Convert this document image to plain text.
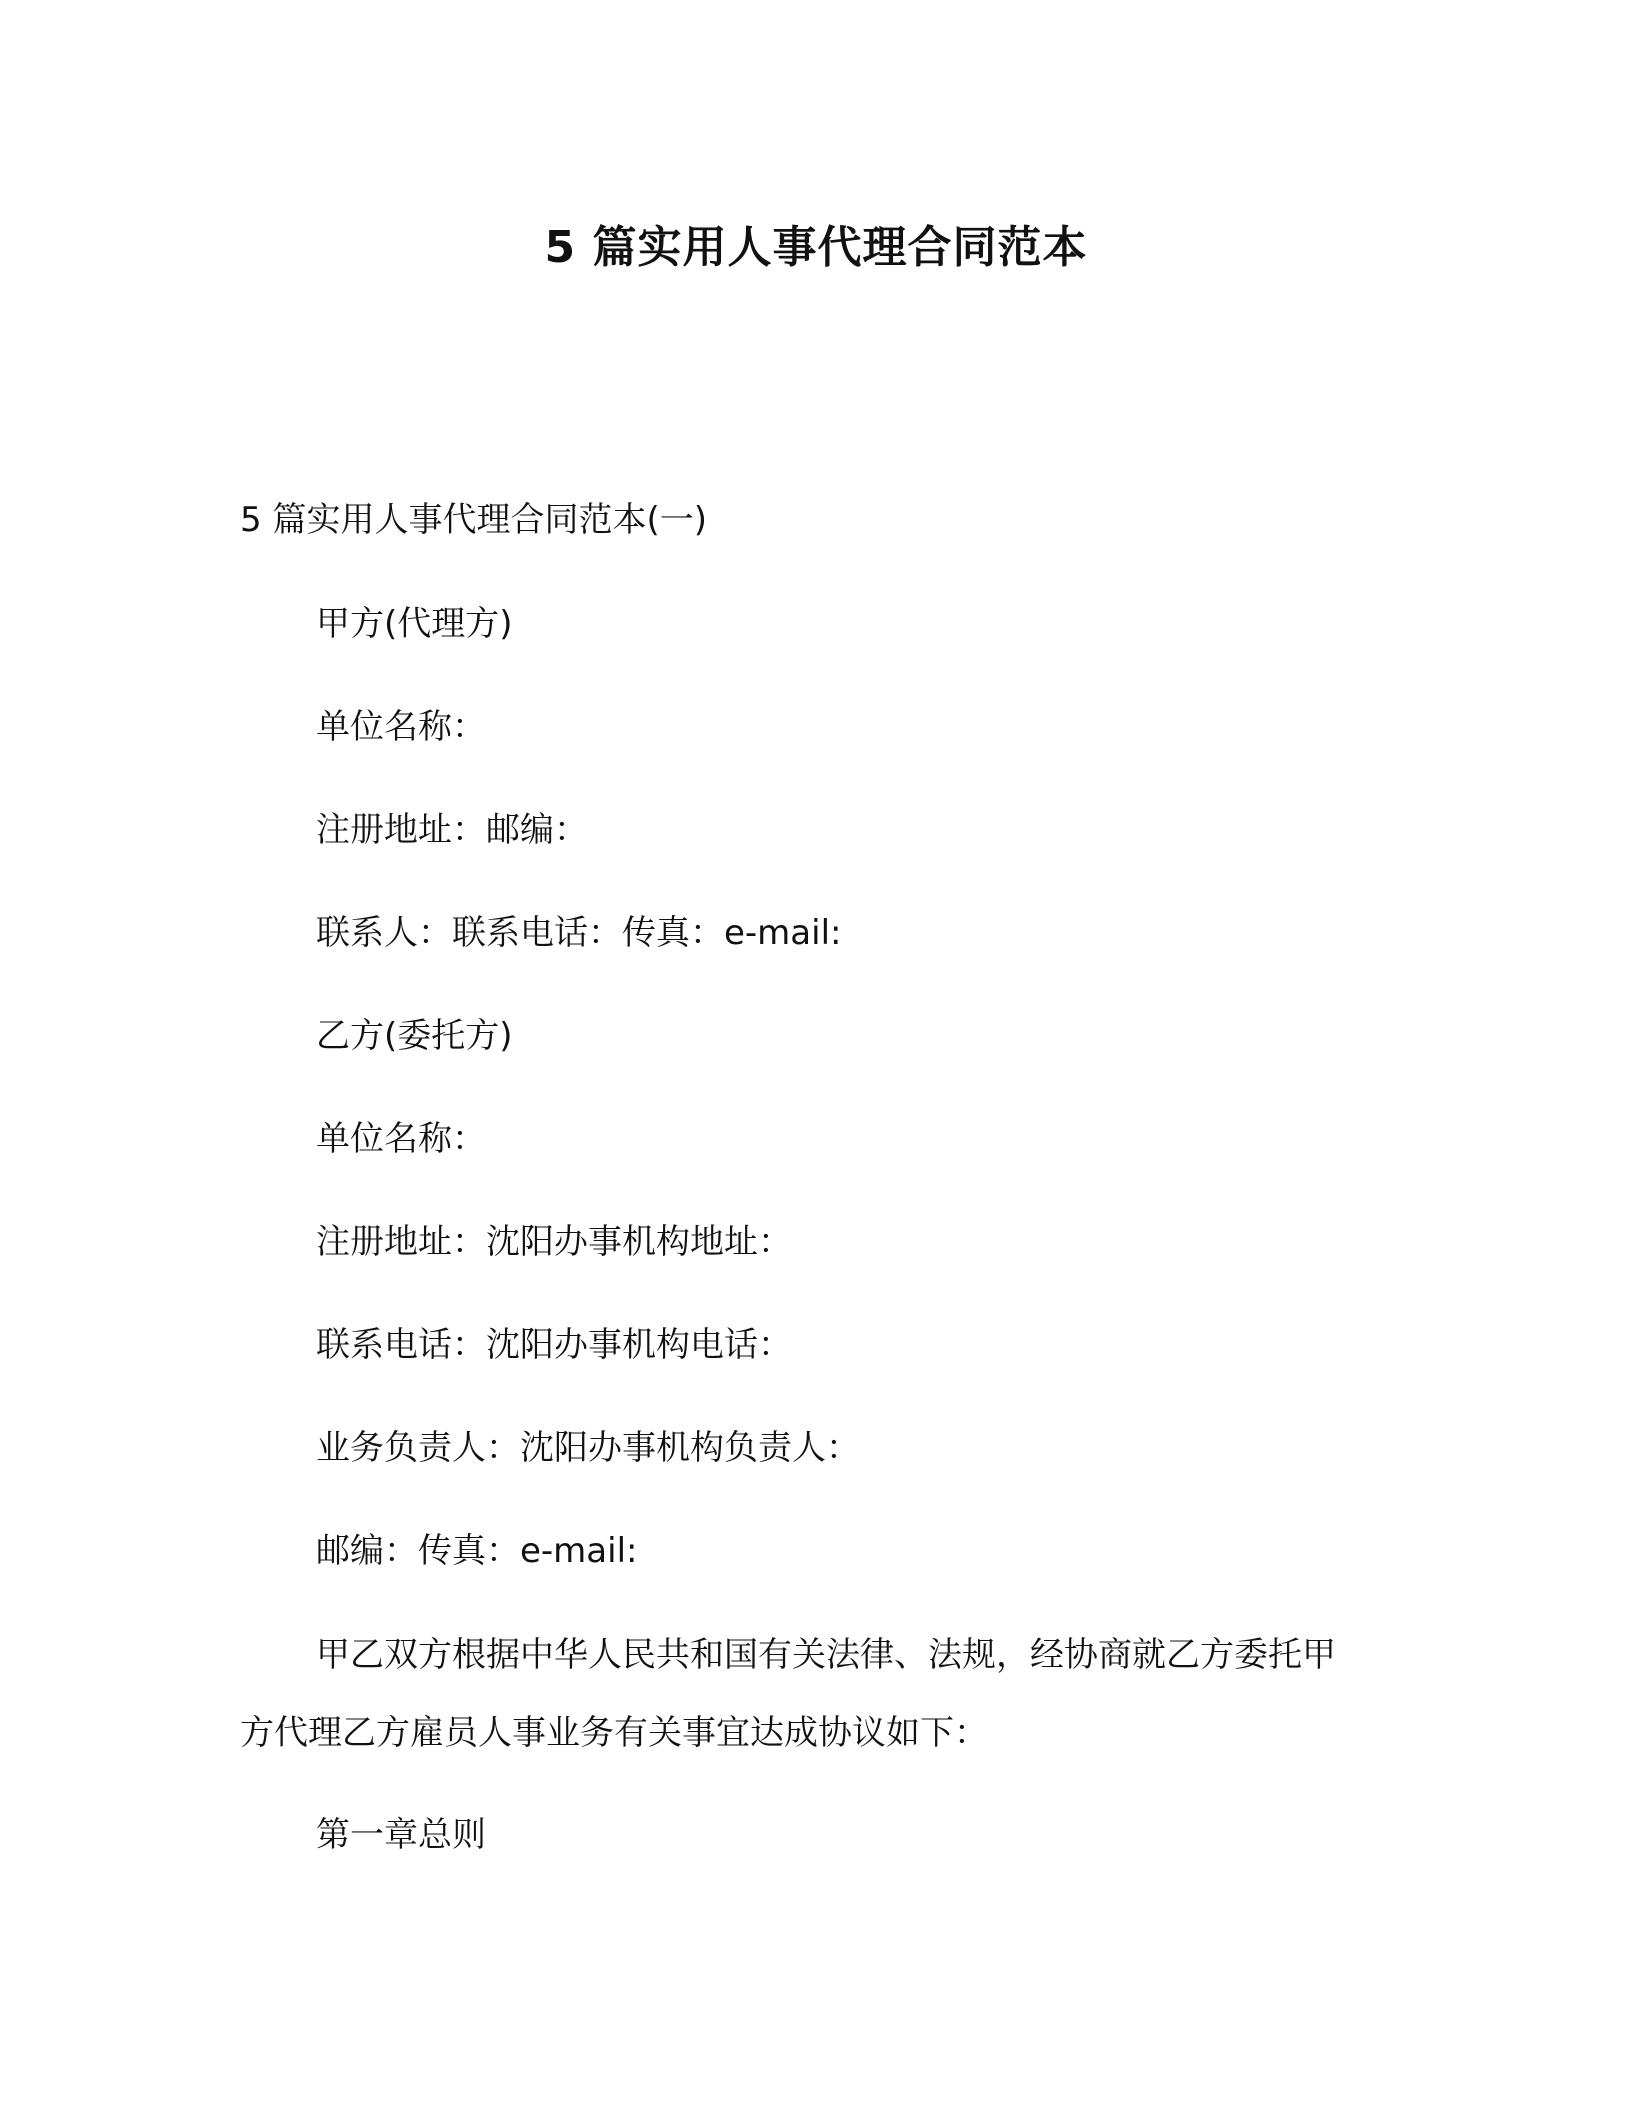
5 篇实用人事代理合同范本
5 篇实用人事代理合同范本(一)
甲方(代理方)
单位名称：
注册地址：邮编：
联系人：联系电话：传真：e-mail:
乙方(委托方)
单位名称：
注册地址：沈阳办事机构地址：
联系电话：沈阳办事机构电话：
业务负责人：沈阳办事机构负责人：
邮编：传真：e-mail:
甲乙双方根据中华人民共和国有关法律、法规，经协商就乙方委托甲方代理乙方雇员人事业务有关事宜达成协议如下：
第一章总则
